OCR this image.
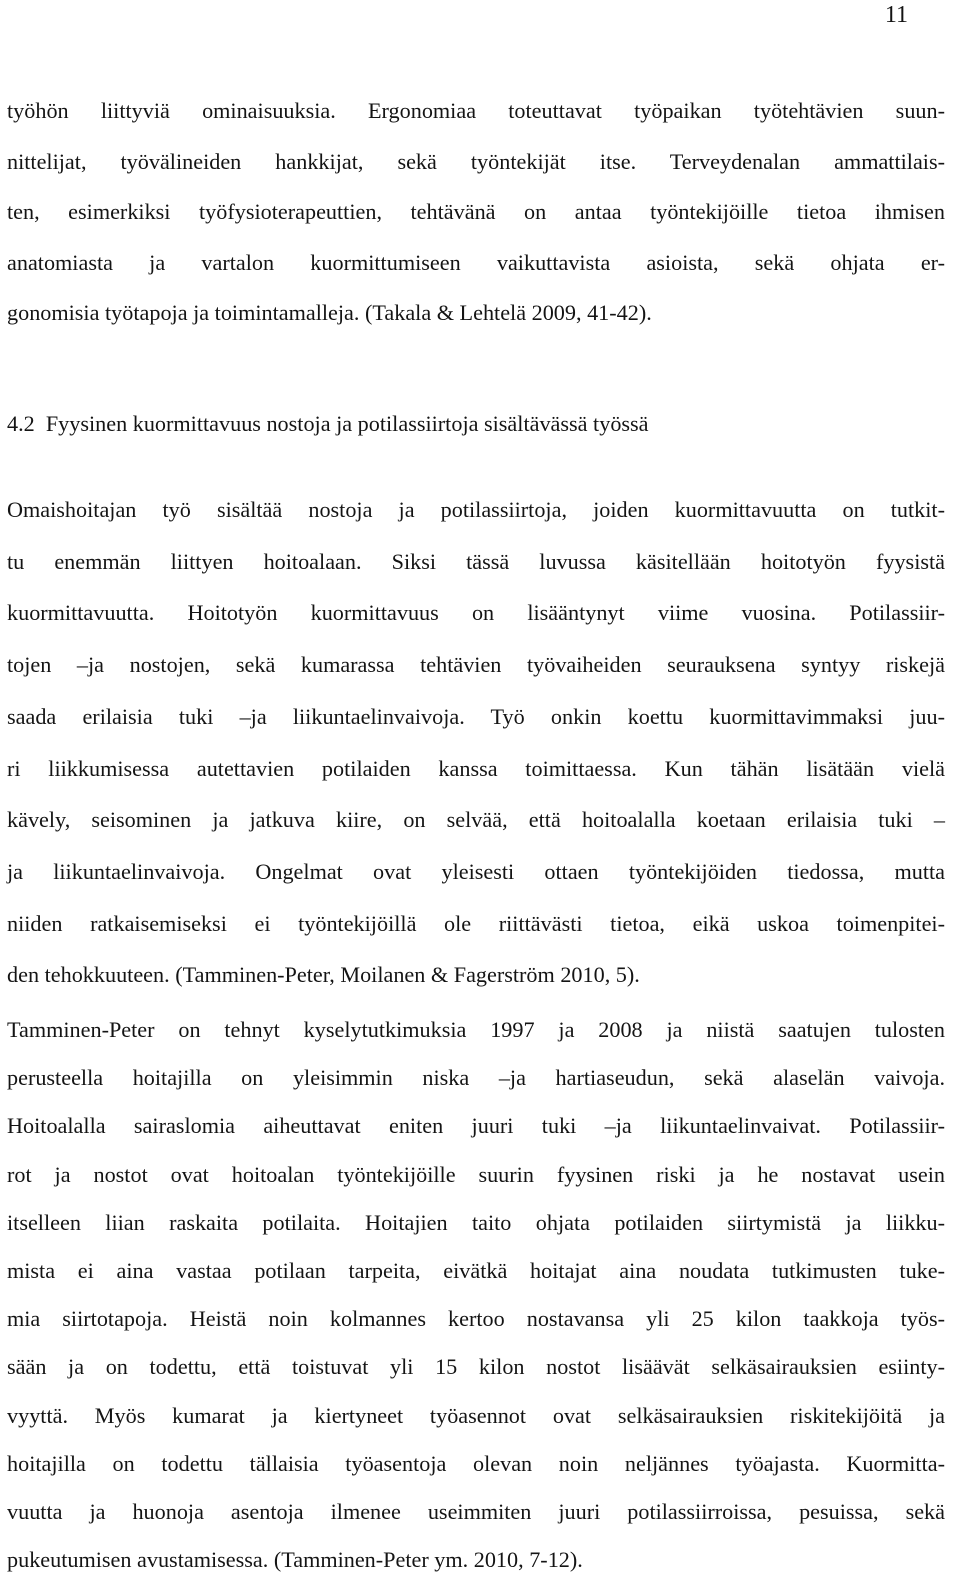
11
työhön liittyviä ominaisuuksia. Ergonomiaa toteuttavat työpaikan työtehtävien suun-
nittelijat, työvälineiden hankkijat, sekä työntekijät itse. Terveydenalan ammattilais-
ten, esimerkiksi työfysioterapeuttien, tehtävänä on antaa työntekijöille tietoa ihmisen
anatomiasta ja vartalon kuormittumiseen vaikuttavista asioista, sekä ohjata er-
gonomisia työtapoja ja toimintamalleja. (Takala & Lehtelä 2009, 41-42).
4.2  Fyysinen kuormittavuus nostoja ja potilassiirtoja sisältävässä työssä
Omaishoitajan työ sisältää nostoja ja potilassiirtoja, joiden kuormittavuutta on tutkit-
tu enemmän liittyen hoitoalaan. Siksi tässä luvussa käsitellään hoitotyön fyysistä
kuormittavuutta. Hoitotyön kuormittavuus on lisääntynyt viime vuosina. Potilassiir-
tojen –ja nostojen, sekä kumarassa tehtävien työvaiheiden seurauksena syntyy riskejä
saada erilaisia tuki –ja liikuntaelinvaivoja. Työ onkin koettu kuormittavimmaksi juu-
ri liikkumisessa autettavien potilaiden kanssa toimittaessa. Kun tähän lisätään vielä
kävely, seisominen ja jatkuva kiire, on selvää, että hoitoalalla koetaan erilaisia tuki –
ja liikuntaelinvaivoja. Ongelmat ovat yleisesti ottaen työntekijöiden tiedossa, mutta
niiden ratkaisemiseksi ei työntekijöillä ole riittävästi tietoa, eikä uskoa toimenpitei-
den tehokkuuteen. (Tamminen-Peter, Moilanen & Fagerström 2010, 5).
Tamminen-Peter on tehnyt kyselytutkimuksia 1997 ja 2008 ja niistä saatujen tulosten
perusteella hoitajilla on yleisimmin niska –ja hartiaseudun, sekä alaselän vaivoja.
Hoitoalalla sairaslomia aiheuttavat eniten juuri tuki –ja liikuntaelinvaivat. Potilassiir-
rot ja nostot ovat hoitoalan työntekijöille suurin fyysinen riski ja he nostavat usein
itselleen liian raskaita potilaita. Hoitajien taito ohjata potilaiden siirtymistä ja liikku-
mista ei aina vastaa potilaan tarpeita, eivätkä hoitajat aina noudata tutkimusten tuke-
mia siirtotapoja. Heistä noin kolmannes kertoo nostavansa yli 25 kilon taakkoja työs-
sään ja on todettu, että toistuvat yli 15 kilon nostot lisäävät selkäsairauksien esiinty-
vyyttä. Myös kumarat ja kiertyneet työasennot ovat selkäsairauksien riskitekijöitä ja
hoitajilla on todettu tällaisia työasentoja olevan noin neljännes työajasta. Kuormitta-
vuutta ja huonoja asentoja ilmenee useimmiten juuri potilassiirroissa, pesuissa, sekä
pukeutumisen avustamisessa. (Tamminen-Peter ym. 2010, 7-12).
